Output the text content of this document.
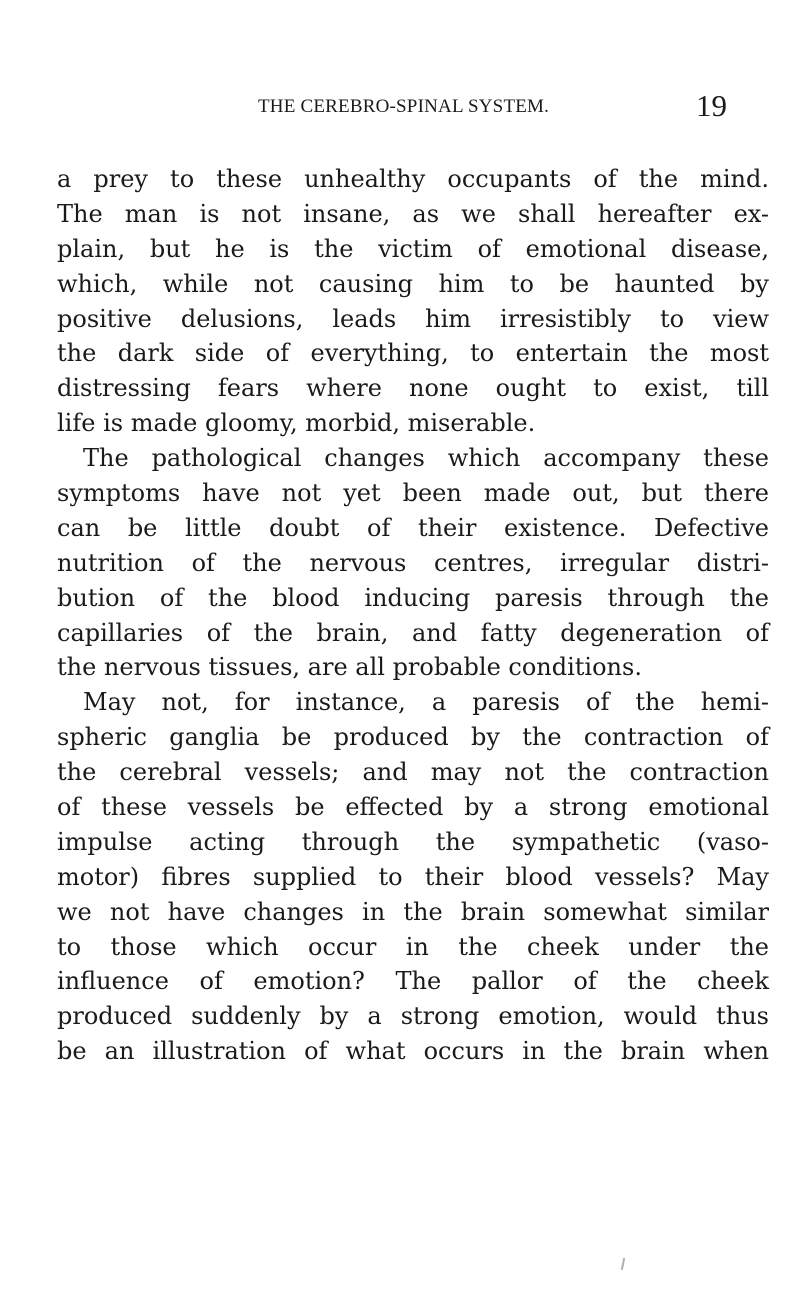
THE CEREBRO-SPINAL SYSTEM.	19
a prey to these unhealthy occupants of the mind.
The man is not insane, as we shall hereafter ex-
plain, but he is the victim of emotional disease,
which, while not causing him to be haunted by
positive delusions, leads him irresistibly to view
the dark side of everything, to entertain the most
distressing fears where none ought to exist, till
life is made gloomy, morbid, miserable.
The pathological changes which accompany these
symptoms have not yet been made out, but there
can be little doubt of their existence. Defective
nutrition of the nervous centres, irregular distri-
bution of the blood inducing paresis through the
capillaries of the brain, and fatty degeneration of
the nervous tissues, are all probable conditions.
May not, for instance, a paresis of the hemi-
spheric ganglia be produced by the contraction of
the cerebral vessels; and may not the contraction
of these vessels be effected by a strong emotional
impulse acting through the sympathetic (vaso-
motor) fibres supplied to their blood vessels? May
we not have changes in the brain somewhat similar
to those which occur in the cheek under the
influence of emotion? The pallor of the cheek
produced suddenly by a strong emotion, would thus
be an illustration of what occurs in the brain when
